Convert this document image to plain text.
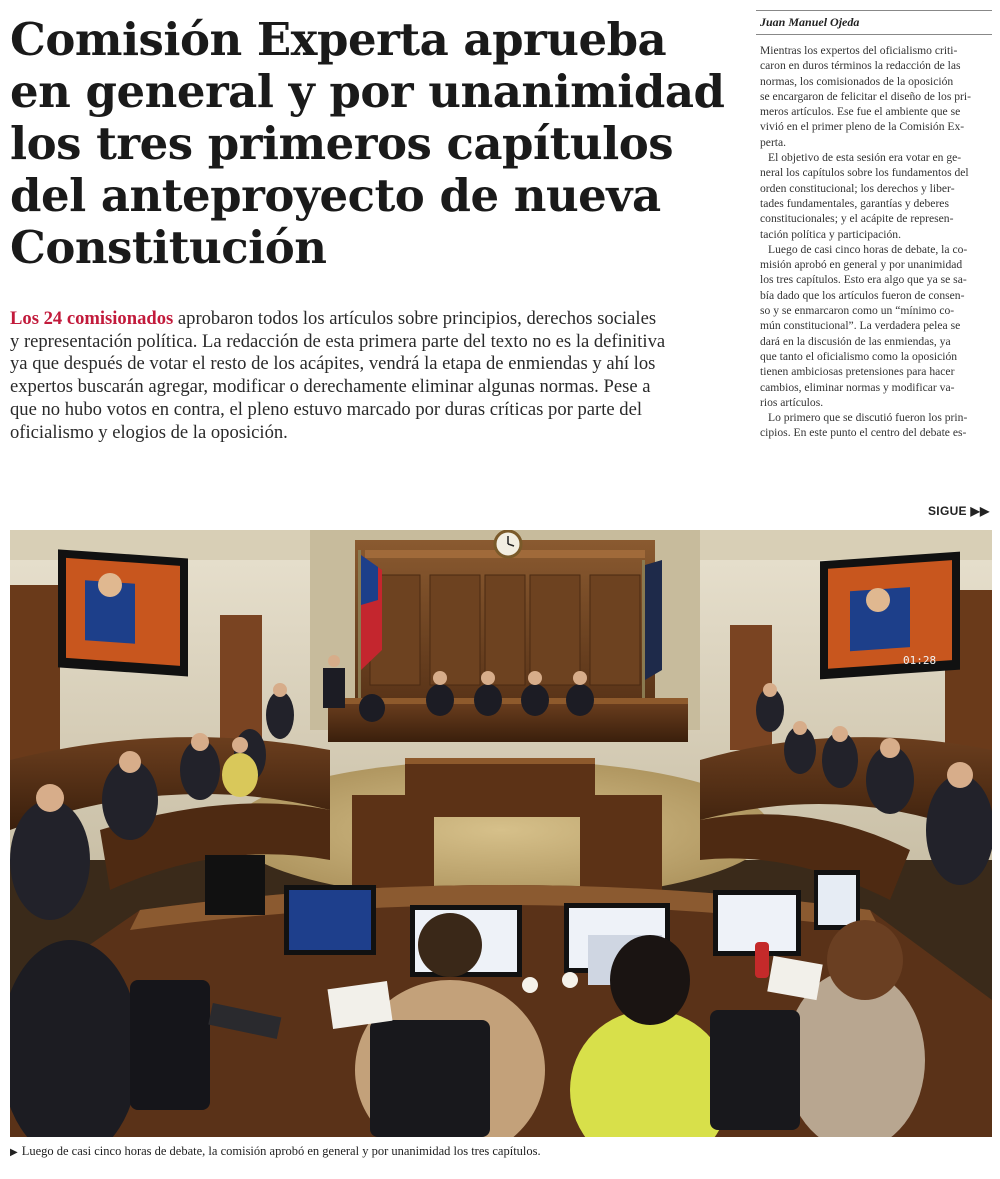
Comisión Experta aprueba
en general y por unanimidad
los tres primeros capítulos
del anteproyecto de nueva
Constitución
Los 24 comisionados aprobaron todos los artículos sobre principios, derechos sociales
y representación política. La redacción de esta primera parte del texto no es la definitiva
ya que después de votar el resto de los acápites, vendrá la etapa de enmiendas y ahí los
expertos buscarán agregar, modificar o derechamente eliminar algunas normas. Pese a
que no hubo votos en contra, el pleno estuvo marcado por duras críticas por parte del
oficialismo y elogios de la oposición.
Juan Manuel Ojeda
Mientras los expertos del oficialismo criti-
caron en duros términos la redacción de las
normas, los comisionados de la oposición
se encargaron de felicitar el diseño de los pri-
meros artículos. Ese fue el ambiente que se
vivió en el primer pleno de la Comisión Ex-
perta.
El objetivo de esta sesión era votar en ge-
neral los capítulos sobre los fundamentos del
orden constitucional; los derechos y liber-
tades fundamentales, garantías y deberes
constitucionales; y el acápite de represen-
tación política y participación.
Luego de casi cinco horas de debate, la co-
misión aprobó en general y por unanimidad
los tres capítulos. Esto era algo que ya se sa-
bía dado que los artículos fueron de consen-
so y se enmarcaron como un “mínimo co-
mún constitucional”. La verdadera pelea se
dará en la discusión de las enmiendas, ya
que tanto el oficialismo como la oposición
tienen ambiciosas pretensiones para hacer
cambios, eliminar normas y modificar va-
rios artículos.
Lo primero que se discutió fueron los prin-
cipios. En este punto el centro del debate es-
SIGUE ▶▶
01:28
▶ Luego de casi cinco horas de debate, la comisión aprobó en general y por unanimidad los tres capítulos.
